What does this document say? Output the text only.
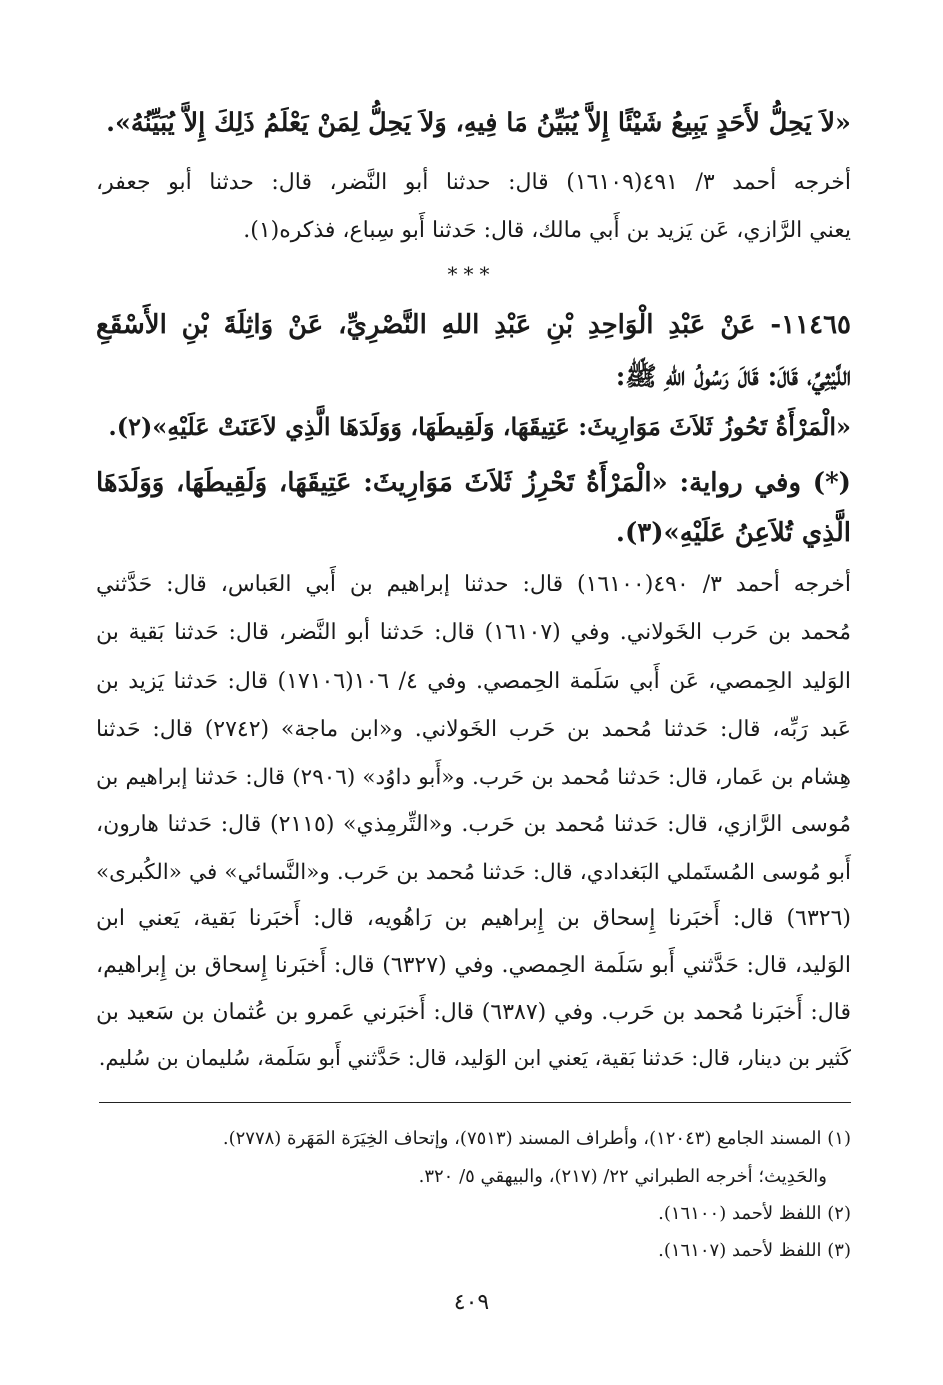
«لاَ يَحِلُّ لأَحَدٍ يَبِيعُ شَيْئًا إِلاَّ يُبَيِّنُ مَا فِيهِ، وَلاَ يَحِلُّ لِمَنْ يَعْلَمُ ذَلِكَ إِلاَّ يُبَيِّنُهُ».
أخرجه أحمد ٣/ ٤٩١(١٦١٠٩) قال: حدثنا أبو النَّضر، قال: حدثنا أبو جعفر،
يعني الرَّازي، عَن يَزيد بن أَبي مالك، قال: حَدثنا أَبو سِباع، فذكره(١).
***
١١٤٦٥- عَنْ عَبْدِ الْوَاحِدِ بْنِ عَبْدِ اللهِ النَّصْرِيِّ، عَنْ وَاثِلَةَ بْنِ الأَسْقَعِ
اللَّيْثِيِّ، قَالَ: قَالَ رَسُولُ اللهِ ﷺ:
«الْمَرْأَةُ تَحُوزُ ثَلاَثَ مَوَارِيثَ: عَتِيقَهَا، وَلَقِيطَهَا، وَوَلَدَهَا الَّذِي لاَعَنَتْ عَلَيْهِ»(٢).
(*) وفي رواية: «الْمَرْأَةُ تَحْرِزُ ثَلاَثَ مَوَارِيثَ: عَتِيقَهَا، وَلَقِيطَهَا، وَوَلَدَهَا
الَّذِي تُلاَعِنُ عَلَيْهِ»(٣).
أخرجه أحمد ٣/ ٤٩٠(١٦١٠٠) قال: حدثنا إبراهيم بن أَبي العَباس، قال: حَدَّثني
مُحمد بن حَرب الخَولاني. وفي (١٦١٠٧) قال: حَدثنا أبو النَّضر، قال: حَدثنا بَقية بن
الوَليد الحِمصي، عَن أَبي سَلَمة الحِمصي. وفي ٤/ ١٠٦(١٧١٠٦) قال: حَدثنا يَزيد بن
عَبد رَبِّه، قال: حَدثنا مُحمد بن حَرب الخَولاني. و«ابن ماجة» (٢٧٤٢) قال: حَدثنا
هِشام بن عَمار، قال: حَدثنا مُحمد بن حَرب. و«أَبو داوُد» (٢٩٠٦) قال: حَدثنا إبراهيم بن
مُوسى الرَّازي، قال: حَدثنا مُحمد بن حَرب. و«التِّرمِذي» (٢١١٥) قال: حَدثنا هارون،
أَبو مُوسى المُستَملي البَغدادي، قال: حَدثنا مُحمد بن حَرب. و«النَّسائي» في «الكُبرى»
(٦٣٢٦) قال: أَخبَرنا إِسحاق بن إِبراهيم بن رَاهُويه، قال: أَخبَرنا بَقية، يَعني ابن
الوَليد، قال: حَدَّثني أَبو سَلَمة الحِمصي. وفي (٦٣٢٧) قال: أَخبَرنا إِسحاق بن إِبراهيم،
قال: أَخبَرنا مُحمد بن حَرب. وفي (٦٣٨٧) قال: أَخبَرني عَمرو بن عُثمان بن سَعيد بن
كَثير بن دينار، قال: حَدثنا بَقية، يَعني ابن الوَليد، قال: حَدَّثني أَبو سَلَمة، سُليمان بن سُليم.
(١) المسند الجامع (١٢٠٤٣)، وأطراف المسند (٧٥١٣)، وإتحاف الخِيَرَة المَهَرة (٢٧٧٨).
والحَدِيث؛ أخرجه الطبراني ٢٢/ (٢١٧)، والبيهقي ٥/ ٣٢٠.
(٢) اللفظ لأحمد (١٦١٠٠).
(٣) اللفظ لأحمد (١٦١٠٧).
٤٠٩
